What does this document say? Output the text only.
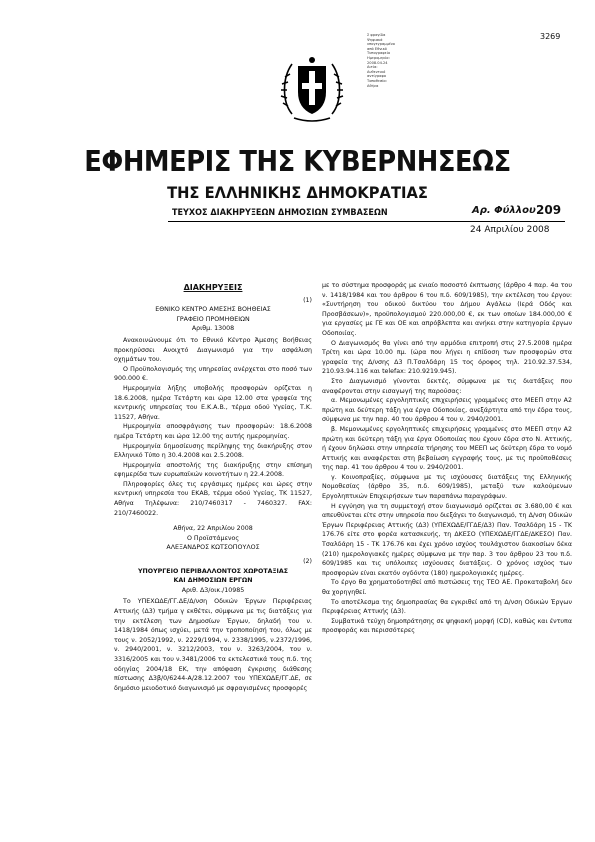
Σ φραγίδα
Ψηφιακά
υπογεγραμμένο
από Εθνικό
Τυπογραφείο
Ημερομηνία:
2008.04.24
Αιτία:
Αυθεντικό
αντίγραφο
Τοποθεσία:
Αθήνα
3269
ΕΦΗΜΕΡΙΣ ΤΗΣ ΚΥΒΕΡΝΗΣΕΩΣ
ΤΗΣ ΕΛΛΗΝΙΚΗΣ ΔΗΜΟΚΡΑΤΙΑΣ
ΤΕΥΧΟΣ ΔΙΑΚΗΡΥΞΕΩΝ ΔΗΜΟΣΙΩΝ ΣΥΜΒΑΣΕΩΝ	Αρ. Φύλλου 209
24 Απριλίου 2008

ΔΙΑΚΗΡΥΞΕΙΣ

(1)

ΕΘΝΙΚΟ ΚΕΝΤΡΟ ΑΜΕΣΗΣ ΒΟΗΘΕΙΑΣ

ΓΡΑΦΕΙΟ ΠΡΟΜΗΘΕΙΩΝ

Αριθμ. 13008

Ανακοινώνουμε ότι το Εθνικό Κέντρο Άμεσης Βοήθειας προκηρύσσει Ανοιχτό Διαγωνισμό για την ασφάλιση οχημάτων του.

Ο Προϋπολογισμός της υπηρεσίας ανέρχεται στο ποσό των 900.000 €.

Ημερομηνία λήξης υποβολής προσφορών ορίζεται η 18.6.2008, ημέρα Τετάρτη και ώρα 12.00 στα γραφεία της κεντρικής υπηρεσίας του Ε.Κ.Α.Β., τέρμα οδού Υγείας, Τ.Κ. 11527, Αθήνα.

Ημερομηνία αποσφράγισης των προσφορών: 18.6.2008 ημέρα Τετάρτη και ώρα 12.00 της αυτής ημερομηνίας.

Ημερομηνία δημοσίευσης περίληψης της διακήρυξης στον Ελληνικό Τύπο η 30.4.2008 και 2.5.2008.

Ημερομηνία αποστολής της διακήρυξης στην επίσημη εφημερίδα των ευρωπαϊκών κοινοτήτων η 22.4.2008.

Πληροφορίες όλες τις εργάσιμες ημέρες και ώρες στην κεντρική υπηρεσία του ΕΚΑΒ, τέρμα οδού Υγείας, ΤΚ 11527, Αθήνα Τηλέφωνα: 210/7460317 - 7460327. FAX: 210/7460022.

Αθήνα, 22 Απριλίου 2008

Ο Προϊστάμενος

ΑΛΕΞΑΝΔΡΟΣ ΚΩΤΣΟΠΟΥΛΟΣ

(2)

ΥΠΟΥΡΓΕΙΟ ΠΕΡΙΒΑΛΛΟΝΤΟΣ ΧΩΡΟΤΑΞΙΑΣ

ΚΑΙ ΔΗΜΟΣΙΩΝ ΕΡΓΩΝ

Αριθ. Δ3/οικ./10985

Το ΥΠΕΧΩΔΕ/ΓΓ.ΔΕ/Δ/νση Οδικών Έργων Περιφέρειας Αττικής (Δ3) τμήμα γ εκθέτει, σύμφωνα με τις διατάξεις για την εκτέλεση των Δημοσίων Έργων, δηλαδή του ν. 1418/1984 όπως ισχύει, μετά την τροποποίησή του, όλως με τους ν. 2052/1992, ν. 2229/1994, ν. 2338/1995, ν.2372/1996, ν. 2940/2001, ν. 3212/2003, του ν. 3263/2004, του ν. 3316/2005 και του ν.3481/2006 τα εκτελεστικά τους π.δ. της οδηγίας 2004/18 ΕΚ, την απόφαση έγκρισης διάθεσης πίστωσης Δ3β/0/6244-Α/28.12.2007 του ΥΠΕΧΩΔΕ/ΓΓ.ΔΕ, σε δημόσιο μειοδοτικό διαγωνισμό με σφραγισμένες προσφορές

με το σύστημα προσφοράς με ενιαίο ποσοστό έκπτωσης (άρθρο 4 παρ. 4α του ν. 1418/1984 και του άρθρου 6 του π.δ. 609/1985), την εκτέλεση του έργου: «Συντήρηση του οδικού δικτύου του Δήμου Αγάλεω (Ιερά Οδός και Προσβάσεων)», προϋπολογισμού 220.000,00 €, εκ των οποίων 184.000,00 € για εργασίες με ΓΕ και ΟΕ και απρόβλεπτα και ανήκει στην κατηγορία έργων Οδοποιίας.

Ο Διαγωνισμός θα γίνει από την αρμόδια επιτροπή στις 27.5.2008 ημέρα Τρίτη και ώρα 10.00 πμ. (ώρα που λήγει η επίδοση των προσφορών στα γραφεία της Δ/νσης Δ3 Π.Τσαλδάρη 15 τος όροφος τηλ. 210.92.37.534, 210.93.94.116 και telefax: 210.9219.945).

Στο Διαγωνισμό γίνονται δεκτές, σύμφωνα με τις διατάξεις που αναφέρονται στην εισαγωγή της παρούσας:

α. Μεμονωμένες εργοληπτικές επιχειρήσεις γραμμένες στο ΜΕΕΠ στην Α2 πρώτη και δεύτερη τάξη για έργα Οδοποιίας, ανεξάρτητα από την έδρα τους, σύμφωνα με την παρ. 40 του άρθρου 4 του ν. 2940/2001.

β. Μεμονωμένες εργοληπτικές επιχειρήσεις γραμμένες στο ΜΕΕΠ στην Α2 πρώτη και δεύτερη τάξη για έργα Οδοποιίας που έχουν έδρα στο Ν. Αττικής, ή έχουν δηλώσει στην υπηρεσία τήρησης του ΜΕΕΠ ως δεύτερη έδρα το νομό Αττικής και αναφέρεται στη βεβαίωση εγγραφής τους, με τις προϋποθέσεις της παρ. 41 του άρθρου 4 του ν. 2940/2001.

γ. Κοινοπραξίες, σύμφωνα με τις ισχύουσες διατάξεις της Ελληνικής Νομοθεσίας (άρθρο 35, π.δ. 609/1985), μεταξύ των καλούμενων Εργοληπτικών Επιχειρήσεων των παραπάνω παραγράφων.

Η εγγύηση για τη συμμετοχή στον διαγωνισμό ορίζεται σε 3.680,00 € και απευθύνεται είτε στην υπηρεσία που διεξάγει το διαγωνισμό, τη Δ/νση Οδικών Έργων Περιφέρειας Αττικής (Δ3) (ΥΠΕΧΩΔΕ/ΓΓΔΕ/Δ3) Παν. Τσαλδάρη 15 - ΤΚ 176.76 είτε στο φορέα κατασκευής, τη ΔΚΕΣΟ (ΥΠΕΧΩΔΕ/ΓΓΔΕ/ΔΚΕΣΟ) Παν. Τσαλδάρη 15 - ΤΚ 176.76 και έχει χρόνο ισχύος τουλάχιστον διακοσίων δέκα (210) ημερολογιακές ημέρες σύμφωνα με την παρ. 3 του άρθρου 23 του π.δ. 609/1985 και τις υπόλοιπες ισχύουσες διατάξεις. Ο χρόνος ισχύος των προσφορών είναι εκατόν ογδόντα (180) ημερολογιακές ημέρες.

Το έργο θα χρηματοδοτηθεί από πιστώσεις της ΤΕΟ ΑΕ. Προκαταβολή δεν θα χορηγηθεί.

Το αποτέλεσμα της δημοπρασίας θα εγκριθεί από τη Δ/νση Οδικών Έργων Περιφέρειας Αττικής (Δ3).

Συμβατικά τεύχη δημοπράτησης σε ψηφιακή μορφή (CD), καθώς και έντυπα προσφοράς και περισσότερες
